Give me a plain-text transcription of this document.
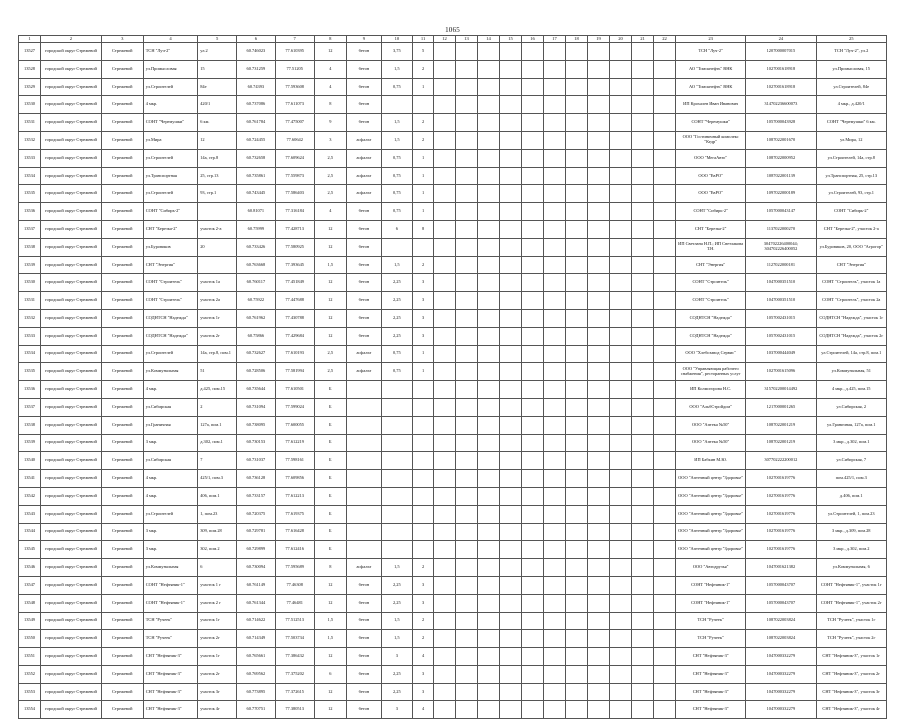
1065
1	2	3	4	5	6	7	8	9	10	11	12	13	14	15	16	17	18	19	20	21	22	23	24	25
13527	городской округ Стрежевой	Стрежевой	ТСН "Луч-2"	ул.2	60.746023	77.610395	12	бетон	3,75	5												ТСН "Луч-2"	1207000007015	ТСН "Луч-2", ул.2
13528	городской округ Стрежевой	Стрежевой	ул.Промысловая	15	60.731259	77.51205	4	бетон	1,5	2												АО "Томскнефть" ВНК	1027001618918	ул.Промысловая, 15
13529	городской округ Стрежевой	Стрежевой	ул.Строителей	84е	60.74393	77.593608	4	бетон	0,75	1												АО "Томскнефть" ВНК	1027001618918	ул.Строителей, 84е
13530	городской округ Стрежевой	Стрежевой	4 мкр.	420/1	60.737086	77.611073	8	бетон														ИП Крохалев Иван Иванович	314702236600073	4 мкр., д.420/1
13531	городской округ Стрежевой	Стрежевой	СОНТ "Черемушки"	6 км.	60.761784	77.475007	9	бетон	1,5	2												СОНТ "Черемушки"	1057000043928	СОНТ "Черемушки" 6 км.
13532	городской округ Стрежевой	Стрежевой	ул.Мира	12	60.724455	77.60642	3	асфальт	1,5	2												ООО "Гостиничный комплекс "Кедр"	1087022001670	ул.Мира, 12
13533	городской округ Стрежевой	Стрежевой	ул.Строителей	14а, стр.8	60.732658	77.609624	2,5	асфальт	0,75	1												ООО "МегаАвто"	1087022000952	ул.Строителей, 14а, стр.8
13534	городской округ Стрежевой	Стрежевой	ул.Транспортная	25, стр.13	60.735861	77.559873	2,5	асфальт	0,75	1												ООО "ЕвРО"	1087022001139	ул.Транспортная, 25, стр.13
13535	городской округ Стрежевой	Стрежевой	ул.Строителей	93, стр.1	60.743445	77.586403	2,5	асфальт	0,75	1												ООО "ЕвРО"	1097022000189	ул.Строителей, 93, стр.1
13536	городской округ Стрежевой	Стрежевой	СОНТ "Сибирь-2"		60.81071	77.316184	4	бетон	0,75	1												СОНТ "Сибирь-2"	1057000043147	СОНТ "Сибирь-2"
13537	городской округ Стрежевой	Стрежевой	СНТ "Березка-2"	участок 2-а	60.75999	77.428713	12	бетон	6	8												СНТ "Березка-2"	1137022000270	СНТ "Березка-2", участок 2-а
13538	городской округ Стрежевой	Стрежевой	ул.Буровиков	20	60.733426	77.580925	12	бетон														ИП Светлана Н.П.; ИП Светлакова Т.Н.	304702226400044; 304702226400052	ул.Буровиков, 20, ООО "Агрогор"
13539	городской округ Стрежевой	Стрежевой	СНТ "Энергия"		60.763668	77.393645	1,5	бетон	1,5	2												СНТ "Энергия"	1127022000181	СНТ "Энергия"
13530	городской округ Стрежевой	Стрежевой	СОНТ "Строитель"	участок 1а	60.760117	77.451849	12	бетон	2,25	3												СОНТ "Строитель"	1047000351510	СОНТ "Строитель", участок 1а
13531	городской округ Стрежевой	Стрежевой	СОНТ "Строитель"	участок 2а	60.75922	77.447688	12	бетон	2,25	3												СОНТ "Строитель"	1047000351510	СОНТ "Строитель", участок 2а
13532	городской округ Стрежевой	Стрежевой	СОДНТСН "Надежда"	участок 1г	60.761962	77.430788	12	бетон	2,25	3												СОДНТСН "Надежда"	1057002431015	СОДНТСН "Надежда", участок 1г
13533	городской округ Стрежевой	Стрежевой	СОДНТСН "Надежда"	участок 2г	60.75866	77.429684	12	бетон	2,25	3												СОДНТСН "Надежда"	1057002431015	СОДНТСН "Надежда", участок 2г
13534	городской округ Стрежевой	Стрежевой	ул.Строителей	14а, стр.8, пом.1	60.732627	77.610193	2,5	асфальт	0,75	1												ООО "Хлебозавод Сервис"	1037000444049	ул.Строителей, 14а, стр.8, пом.1
13535	городской округ Стрежевой	Стрежевой	ул.Коммунальная	51	60.728506	77.581994	2,5	асфальт	0,75	1												ООО "Управляющая рабочего снабжения", ресторанных услуг	1027001615096	ул.Коммунальная, 51
13536	городской округ Стрежевой	Стрежевой	4 мкр.	д.425, пом.15	60.735644	77.610501	Б															ИП Колмогорова Н.С.	315702200014492	4 мкр., д.425, пом.15
13537	городской округ Стрежевой	Стрежевой	ул.Сибирская	2	60.731094	77.599024	Б															ООО "АльбСтройдом"	1217000001265	ул.Сибирская, 2
13538	городской округ Стрежевой	Стрежевой	ул.Граничная	127а, пом.1	60.738095	77.600055	Б															ООО "Аптека №50"	1087022001219	ул.Граничная, 127а, пом.1
13539	городской округ Стрежевой	Стрежевой	3 мкр.	д.302, пом.1	60.730153	77.612219	Б															ООО "Аптека №50"	1087022001219	3 мкр., д.302, пом.1
13540	городской округ Стрежевой	Стрежевой	ул.Сибирская	7	60.731037	77.598161	Б															ИП Бабкин М.Ю.	307702222200012	ул.Сибирская, 7
13541	городской округ Стрежевой	Стрежевой	4 мкр.	425/1, пом.3	60.736128	77.609856	Б															ООО "Аптечный центр "Здоровье"	1027001619776	пом.425/1, пом.3
13542	городской округ Стрежевой	Стрежевой	4 мкр.	406, пом.1	60.733157	77.612213	Б															ООО "Аптечный центр "Здоровье"	1027001619776	д.406, пом.1
13543	городской округ Стрежевой	Стрежевой	ул.Строителей	1, пом.23	60.720375	77.619375	Б															ООО "Аптечный центр "Здоровье"	1027001619776	ул.Строителей, 1, пом.23
13544	городской округ Стрежевой	Стрежевой	3 мкр.	309, пом.28	60.729781	77.616428	Б															ООО "Аптечный центр "Здоровье"	1027001619776	3 мкр., д.309, пом.28
13545	городской округ Стрежевой	Стрежевой	3 мкр.	302, пом.2	60.729899	77.612416	Б															ООО "Аптечный центр "Здоровье"	1027001619776	3 мкр., д.302, пом.2
13546	городской округ Стрежевой	Стрежевой	ул.Коммунальная	6	60.730094	77.595689	8	асфальт	1,5	2												ООО "Автодрузья"	1047001621382	ул.Коммунальная, 6
13547	городской округ Стрежевой	Стрежевой	СОНТ "Нефтяник-1"	участок 1 г	60.761149	77.46308	12	бетон	2,25	3												СОНТ "Нефтяник-1"	1057000043707	СОНТ "Нефтяник-1", участок 1г
13548	городской округ Стрежевой	Стрежевой	СОНТ "Нефтяник-1"	участок 2 г	60.761344	77.46481	12	бетон	2,25	3												СОНТ "Нефтяник-1"	1057000043707	СОНТ "Нефтяник-1", участок 2г
13549	городской округ Стрежевой	Стрежевой	ТСН "Ручеек"	участок 1г	60.714622	77.512513	1,5	бетон	1,5	2												ТСН "Ручеек"	1087022003824	ТСН "Ручеек", участок 1г
13550	городской округ Стрежевой	Стрежевой	ТСН "Ручеек"	участок 2г	60.714349	77.503734	1,5	бетон	1,5	2												ТСН "Ручеек"	1087022003824	ТСН "Ручеек", участок 2г
13551	городской округ Стрежевой	Стрежевой	СНТ "Нефтяник-3"	участок 1г	60.765661	77.386432	12	бетон	3	4												СНТ "Нефтяник-3"	1047000332279	СНТ "Нефтяник-3", участок 1г
13552	городской округ Стрежевой	Стрежевой	СНТ "Нефтяник-3"	участок 2г	60.769562	77.375202	6	бетон	2,25	3												СНТ "Нефтяник-3"	1047000332279	СНТ "Нефтяник-3", участок 2г
13553	городской округ Стрежевой	Стрежевой	СНТ "Нефтяник-3"	участок 3г	60.773895	77.372615	12	бетон	2,25	3												СНТ "Нефтяник-3"	1047000332279	СНТ "Нефтяник-3", участок 3г
13554	городской округ Стрежевой	Стрежевой	СНТ "Нефтяник-3"	участок 4г	60.770751	77.380513	12	бетон	3	4												СНТ "Нефтяник-3"	1047000332279	СНТ "Нефтяник-3", участок 4г
